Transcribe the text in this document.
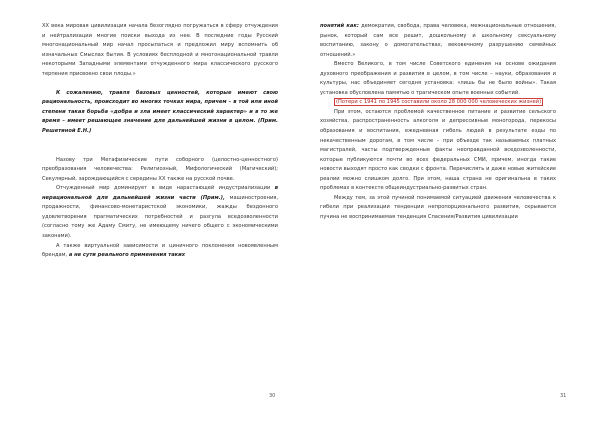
XX века мировая цивилизация начала безоглядно погружаться в сферу отчуждения и нейтрализации многие поиски выхода из нее. В последние годы Русский многонациональный мир начал просыпаться и предложил миру вспомнить об изначальных Смыслах бытия. В условиях бесплодной и многонациональной травли некоторыми Западными элементами отчужденного мира классического русского терпения присвоено свои плоды.»

К сожалению, травля базовых ценностей, которые имеют свою рациональность, происходит во многих точках мира, причем – в той или иной степени такая борьба «добра и зла имеет классический характер» и в то же время – имеет решающее значение для дальнейшей жизни в целом. (Прим. Решетиной Е.Н.)

Назову три Метафизические пути соборного (целостно-ценностного) преобразования человечества: Религиозный, Мифологический (Магический); Секулярный, зарождающийся с середины XX также на русской почве.

Отчужденный мир доминирует в виде нарастающей индустриализации в нерациональной для дальнейшей жизни части (Прим.), машиностроения, продажности, финансово-монетаристской экономики, жажды бездонного удовлетворения прагматических потребностей и разгула вседозволенности (согласно тому же Адаму Смиту, не имеющему ничего общего с экономическими законами).

А также виртуальной зависимости и циничного поклонения новоявленным брендам, а не сути реального применения таких

30

понятий как: демократия, свобода, права человека, межнациональные отношения, рынок, который сам все решит, дошкольному и школьному сексуальному воспитанию, закону о домогательствах, вековечному разрушению семейных отношений.»

Вместо Великого, в том числе Советского единения на основе ожидания духовного преображения и развития в целом, в том числе – науки, образования и культуры, нас объединяет сегодня установка: «лишь бы не было войны». Такая установка обусловлена памятью о трагическом опыте военных событий.

(Потери с 1941 по 1945 составили около 28 000 000 человеческих жизней)

При этом, остаются проблемой качественное питание и развитие сельского хозяйства, распространенность алкоголя и депрессивные моногорода, перекосы образования и воспитания, ежедневная гибель людей в результате езды по некачественным дорогам, в том числе – при объезде так называемых платных магистралей, часты подтвержденные факты неоправданной вседозволенности, которые публикуются почти во всех федеральных СМИ, причем, иногда такие новости выходят просто как сводки с фронта. Перечислять и даже новые житейские реалии можно слишком долго. При этом, наша страна не оригинальна в таких проблемах в контексте общеиндустриально-развитых стран.

Между тем, за этой пучиной понимаемой ситуацией движения человечества к гибели при реализации тенденции непропорционального развития, скрывается пучина не воспринимаемая тенденция Спасения/Развития цивилизации

31
